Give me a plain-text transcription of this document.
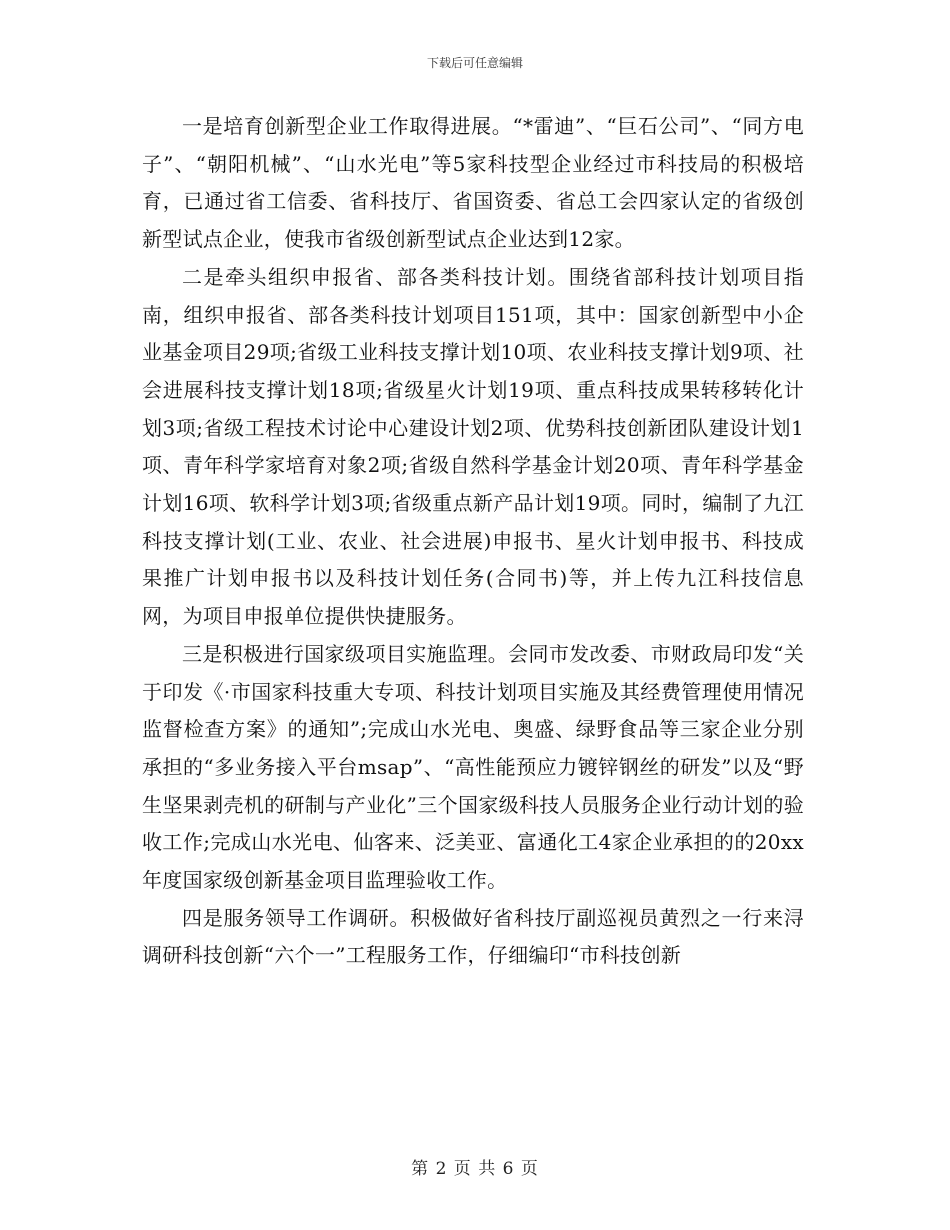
下载后可任意编辑

一是培育创新型企业工作取得进展。“*雷迪”、“巨石公司”、“同方电子”、“朝阳机械”、“山水光电”等5家科技型企业经过市科技局的积极培育，已通过省工信委、省科技厅、省国资委、省总工会四家认定的省级创新型试点企业，使我市省级创新型试点企业达到12家。

二是牵头组织申报省、部各类科技计划。围绕省部科技计划项目指南，组织申报省、部各类科技计划项目151项，其中：国家创新型中小企业基金项目29项;省级工业科技支撑计划10项、农业科技支撑计划9项、社会进展科技支撑计划18项;省级星火计划19项、重点科技成果转移转化计划3项;省级工程技术讨论中心建设计划2项、优势科技创新团队建设计划1项、青年科学家培育对象2项;省级自然科学基金计划20项、青年科学基金计划16项、软科学计划3项;省级重点新产品计划19项。同时，编制了九江科技支撑计划(工业、农业、社会进展)申报书、星火计划申报书、科技成果推广计划申报书以及科技计划任务(合同书)等，并上传九江科技信息网，为项目申报单位提供快捷服务。

三是积极进行国家级项目实施监理。会同市发改委、市财政局印发“关于印发《·市国家科技重大专项、科技计划项目实施及其经费管理使用情况监督检查方案》的通知”;完成山水光电、奥盛、绿野食品等三家企业分别承担的“多业务接入平台msap”、“高性能预应力镀锌钢丝的研发”以及“野生坚果剥壳机的研制与产业化”三个国家级科技人员服务企业行动计划的验收工作;完成山水光电、仙客来、泛美亚、富通化工4家企业承担的的20xx年度国家级创新基金项目监理验收工作。

四是服务领导工作调研。积极做好省科技厅副巡视员黄烈之一行来浔调研科技创新“六个一”工程服务工作，仔细编印“市科技创新

第 2 页 共 6 页
